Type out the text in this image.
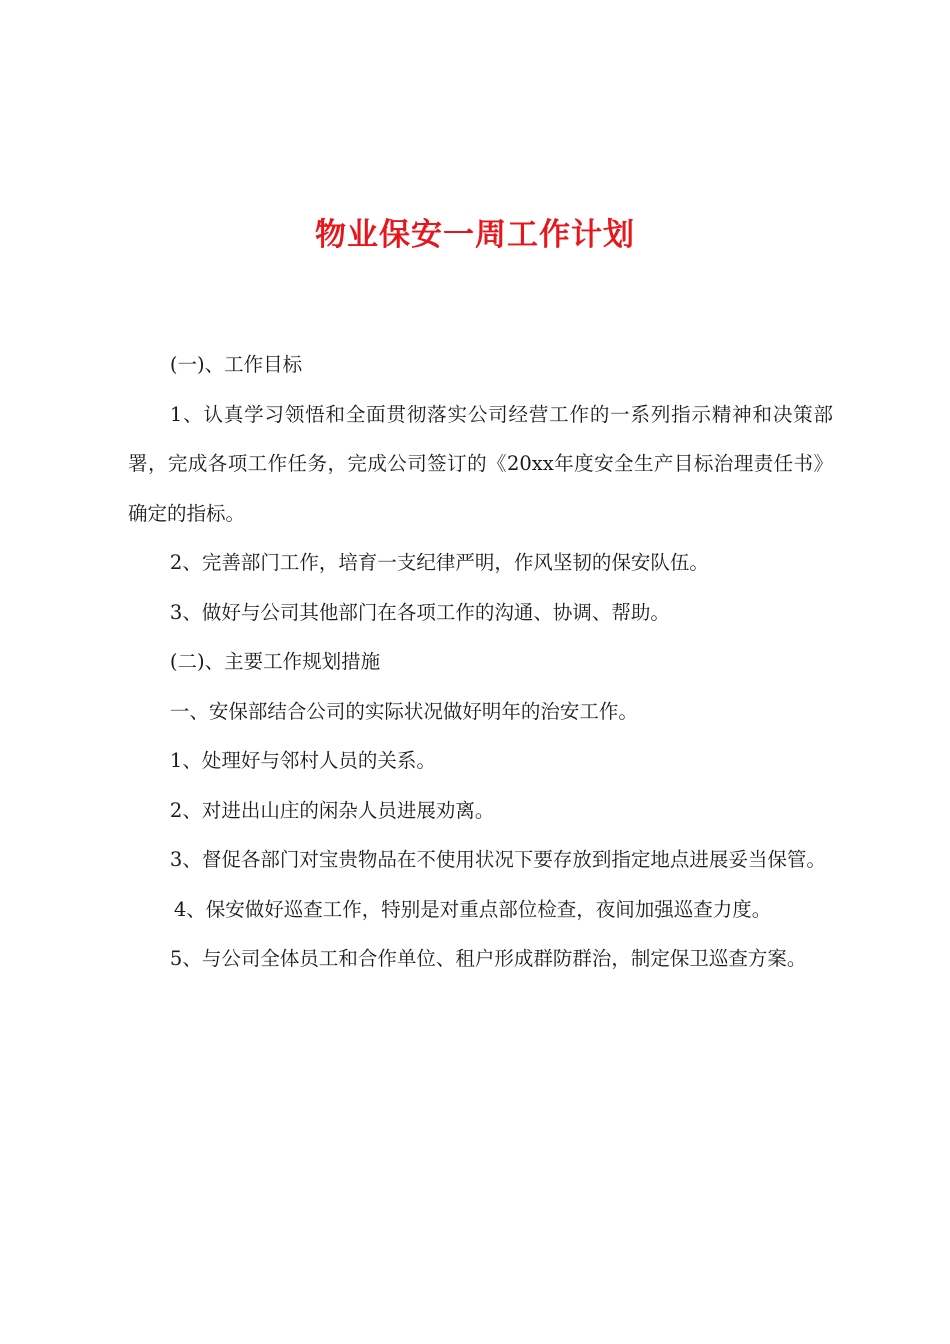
物业保安一周工作计划

(一)、工作目标

1、认真学习领悟和全面贯彻落实公司经营工作的一系列指示精神和决策部署，完成各项工作任务，完成公司签订的《20xx年度安全生产目标治理责任书》确定的指标。

2、完善部门工作，培育一支纪律严明，作风坚韧的保安队伍。

3、做好与公司其他部门在各项工作的沟通、协调、帮助。

(二)、主要工作规划措施

一、安保部结合公司的实际状况做好明年的治安工作。

1、处理好与邻村人员的关系。

2、对进出山庄的闲杂人员进展劝离。

3、督促各部门对宝贵物品在不使用状况下要存放到指定地点进展妥当保管。

4、保安做好巡查工作，特别是对重点部位检查，夜间加强巡查力度。

5、与公司全体员工和合作单位、租户形成群防群治，制定保卫巡查方案。
